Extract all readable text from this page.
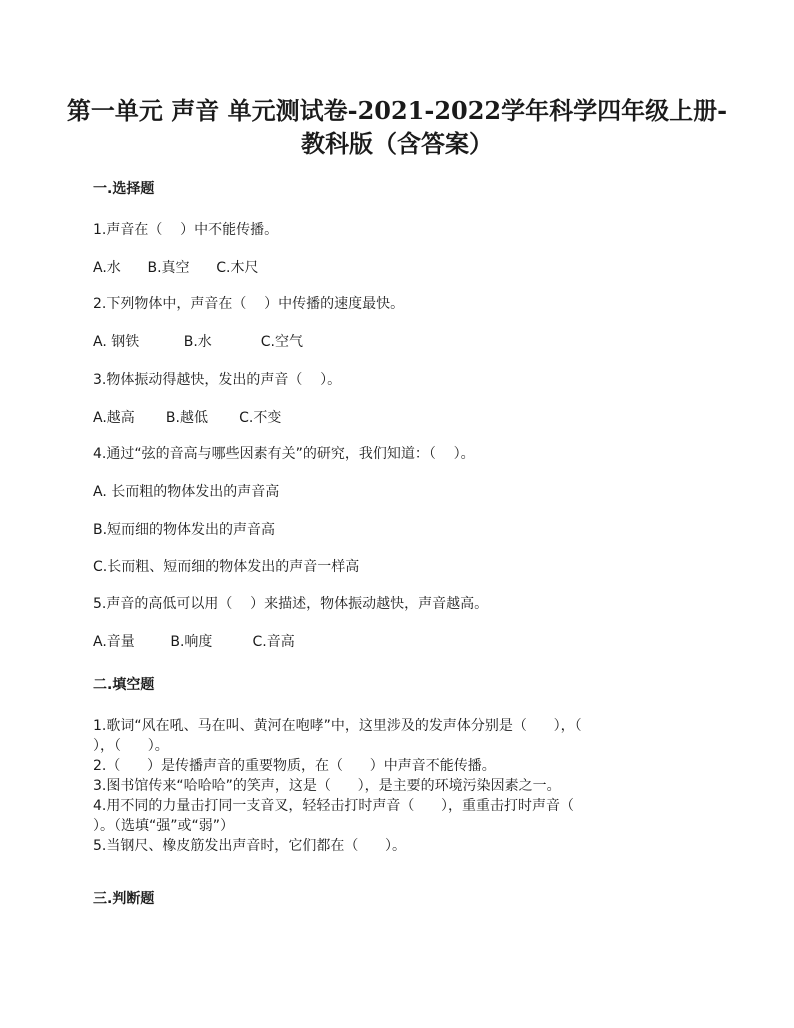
第一单元 声音 单元测试卷-2021-2022学年科学四年级上册-
教科版（含答案）
一.选择题
1.声音在（    ）中不能传播。
A.水      B.真空      C.木尺
2.下列物体中，声音在（    ）中传播的速度最快。
A. 钢铁          B.水           C.空气
3.物体振动得越快，发出的声音（    ）。
A.越高       B.越低       C.不变
4.通过“弦的音高与哪些因素有关”的研究，我们知道：（    ）。
A. 长而粗的物体发出的声音高
B.短而细的物体发出的声音高
C.长而粗、短而细的物体发出的声音一样高
5.声音的高低可以用（    ）来描述，物体振动越快，声音越高。
A.音量        B.响度         C.音高
二.填空题
1.歌词“风在吼、马在叫、黄河在咆哮”中，这里涉及的发声体分别是（      ），（
），（      ）。
2.（      ）是传播声音的重要物质，在（      ）中声音不能传播。
3.图书馆传来“哈哈哈”的笑声，这是（      ），是主要的环境污染因素之一。
4.用不同的力量击打同一支音叉，轻轻击打时声音（      ），重重击打时声音（
）。（选填“强”或“弱”）
5.当钢尺、橡皮筋发出声音时，它们都在（      ）。
三.判断题
